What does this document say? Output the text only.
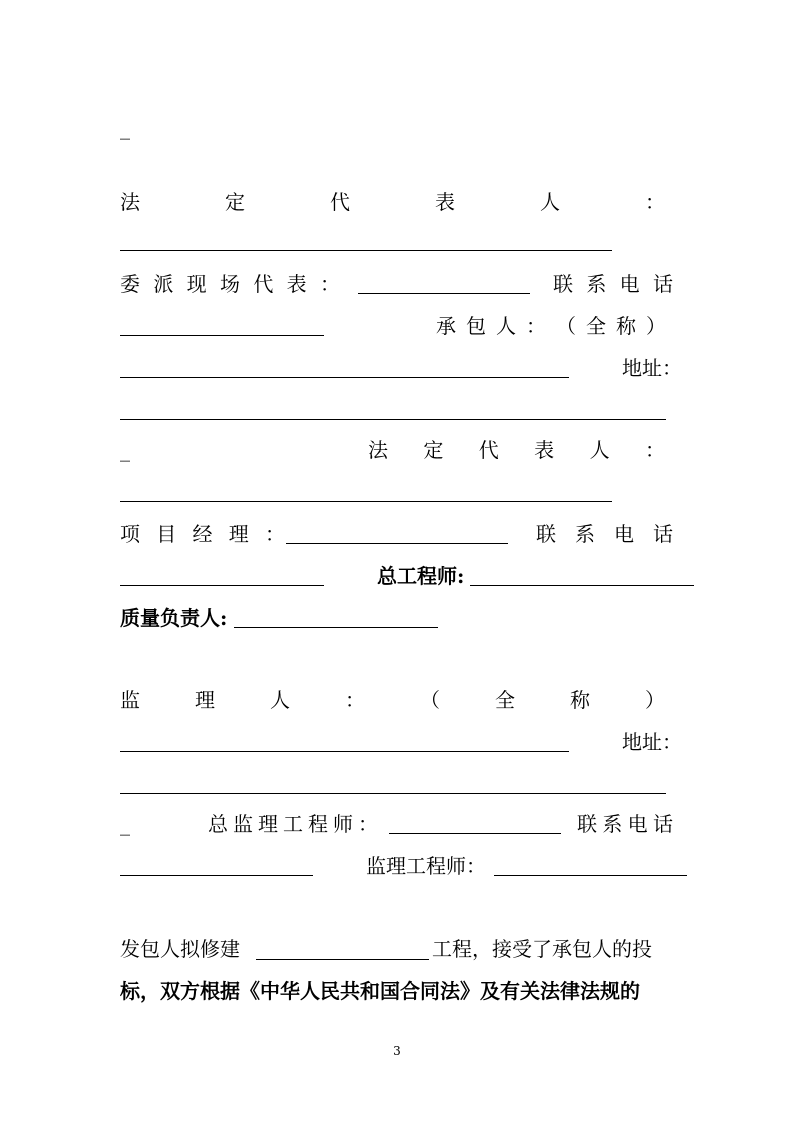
_
法	定	代	表	人	：
委 派 现 场 代 表 ：	联 系 电 话
承 包 人 ： （ 全 称 ）
地址：
_	法 定 代 表 人 ：
项 目 经 理 ：	联 系 电 话
总工程师:
质量负责人:
监	理	人	：	（	全	称	）
地址：
_	总 监 理 工 程 师 ：	联 系 电 话
监理工程师：
发包人拟修建	工程，接受了承包人的投
标，双方根据《中华人民共和国合同法》及有关法律法规的
3
